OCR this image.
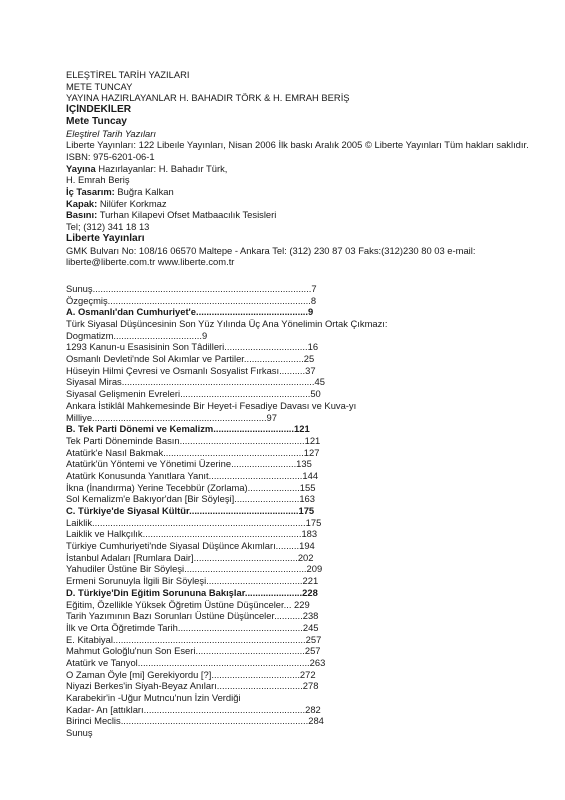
ELEŞTİREL TARİH YAZILARI
METE TUNCAY
YAYINA HAZIRLAYANLAR H. BAHADIR TÖRK & H. EMRAH BERİŞ
İÇİNDEKİLER
Mete Tuncay
Eleştirel Tarih Yazıları
Liberte Yayınları: 122 Libeıle Yayınları, Nisan 2006 İlk baskı Aralık 2005 © Liberte Yayınları Tüm hakları saklıdır. ISBN: 975-6201-06-1
Yayına Hazırlayanlar: H. Bahadır Türk,
H. Emrah Beriş
İç Tasarım: Buğra Kalkan
Kapak: Nilüfer Korkmaz
Basını: Turhan Kilapevi Ofset Matbaacılık Tesisleri
Tel; (312) 341 18 13
Liberte Yayınları
GMK Bulvarı No: 108/16 06570 Maltepe - Ankara Tel: (312) 230 87 03 Faks:(312)230 80 03 e-mail: liberte@liberte.com.tr www.liberte.com.tr
Sunuş....................................................................................7
Özgeçmiş..............................................................................8
A. Osmanlı'dan Cumhuriyet'e...........................................9
Türk Siyasal Düşüncesinin Son Yüz Yılında Üç Ana Yönelimin Ortak Çıkmazı:
Dogmatizm..................................9
1293 Kanun-u Esasisinin Son Tâdilleri................................16
Osmanlı Devleti'nde Sol Akımlar ve Partiler.......................25
Hüseyin Hilmi Çevresi ve Osmanlı Sosyalist Fırkası..........37
Siyasal Miras..........................................................................45
Siyasal Gelişmenin Evreleri..................................................50
Ankara İstiklâl Mahkemesinde Bir Heyet-i Fesadiye Davası ve Kuva-yı
Milliye...................................................................97
B. Tek Parti Dönemi ve Kemalizm...............................121
Tek Parti Döneminde Basın................................................121
Atatürk'e Nasıl Bakmak......................................................127
Atatürk'ün Yöntemi ve Yönetimi Üzerine.........................135
Atatürk Konusunda Yanıtlara Yanıt....................................144
İkna (İnandırma) Yerine Tecebbür (Zorlama)....................155
Sol Kemalizm'e Bakıyor'dan [Bir Söyleşi].........................163
C. Türkiye'de Siyasal Kültür..........................................175
Laiklik..................................................................................175
Laiklik ve Halkçılık.............................................................183
Türkiye Cumhuriyeti'nde Siyasal Düşünce Akımları.........194
İstanbul Adaları [Rumlara Dair]........................................202
Yahudiler Üstüne Bir Söyleşi...............................................209
Ermeni Sorunuyla İlgili Bir Söyleşi.....................................221
D. Türkiye'Din Eğitim Sorununa Bakışlar......................228
Eğitim, Özellikle Yüksek Öğretim Üstüne Düşünceler... 229
Tarih Yazımının Bazı Sorunları Üstüne Düşünceler...........238
İlk ve Orta Öğretimde Tarih................................................245
E. Kitabiyal..........................................................................257
Mahmut Goloğlu'nun Son Eseri..........................................257
Atatürk ve Tanyol..................................................................263
O Zaman Öyle [mi] Gerekiyordu [?]..................................272
Niyazi Berkes'in Siyah-Beyaz Anıları.................................278
Karabekir'in -Uğur Mutncu'nun İzin Verdiği
Kadar- An [attıkları..............................................................282
Birinci Meclis........................................................................284
Sunuş
